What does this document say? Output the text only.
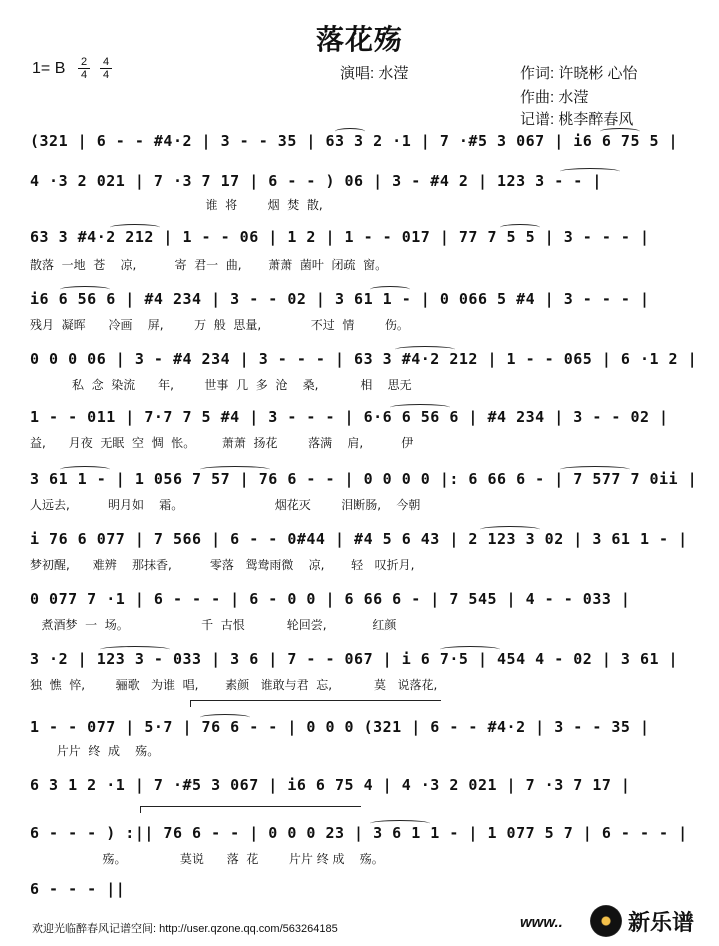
落花殇
1= B 2
4
4
4	演唱: 水滢	作词: 许晓彬 心怡
作曲: 水滢
记谱: 桃李醉春风
(321 | 6 - - #4·2 | 3 - - 35 | 63 3 2 ·1 | 7 ·#5 3 067 | i6 6 75 5 |
4 ·3 2 021 | 7 ·3 7 17 | 6 - - ) 06 | 3 - #4 2 | 123 3 - - |
谁  将        烟  焚  散,
63 3 #4·2 212 | 1 - - 06 | 1 2 | 1 - - 017 | 77 7 5 5 | 3 - - - |
散落  一地  苍    凉,          寄  君一  曲,       萧萧  菌叶  闭疏  窗。
i6 6 56 6 | #4 234 | 3 - - 02 | 3 61 1 - | 0 066 5 #4 | 3 - - - |
残月  凝晖      冷画    屏,        万  般  思量,             不过  情        伤。
0 0 0 06 | 3 - #4 234 | 3 - - - | 63 3 #4·2 212 | 1 - - 065 | 6 ·1 2 |
私  念  染流      年,        世事  几  多  沧    桑,           相    思无
1 - - 011 | 7·7 7 5 #4 | 3 - - - | 6·6 6 56 6 | #4 234 | 3 - - 02 |
益,      月夜  无眠  空  惆  怅。       萧萧  扬花        落满    肩,          伊
3 61 1 - | 1 056 7 57 | 76 6 - - | 0 0 0 0 |: 6 66 6 - | 7 577 7 0ii |
人远去,          明月如    霜。                        烟花灭        泪断肠,    今朝
i 76 6 077 | 7 566 | 6 - - 0#44 | #4 5 6 43 | 2 123 3 02 | 3 61 1 - |
梦初醒,      难辨    那抹香,          零落   鸳鸯雨微    凉,       轻   叹折月,
0 077 7 ·1 | 6 - - - | 6 - 0 0 | 6 66 6 - | 7 545 | 4 - - 033 |
煮酒梦  一  场。                   千  古恨           轮回尝,            红颜
3 ·2 | 123 3 - 033 | 3 6 | 7 - - 067 | i 6 7·5 | 454 4 - 02 | 3 61 |
独  憔  悴,        骊歌   为谁  唱,       素颜   谁敢与君  忘,           莫   说落花,
1 - - 077 | 5·7 | 76 6 - - | 0 0 0 (321 | 6 - - #4·2 | 3 - - 35 |
片片  终  成    殇。
6 3 1 2 ·1 | 7 ·#5 3 067 | i6 6 75 4 | 4 ·3 2 021 | 7 ·3 7 17 |
6 - - - ) :|| 76 6 - - | 0 0 0 23 | 3 6 1 1 - | 1 077 5 7 | 6 - - - |
殇。              莫说      落  花        片片 终 成    殇。
6 - - - ||
欢迎光临醉春风记谱空间: http://user.qzone.qq.com/563264185	www..	新乐谱
